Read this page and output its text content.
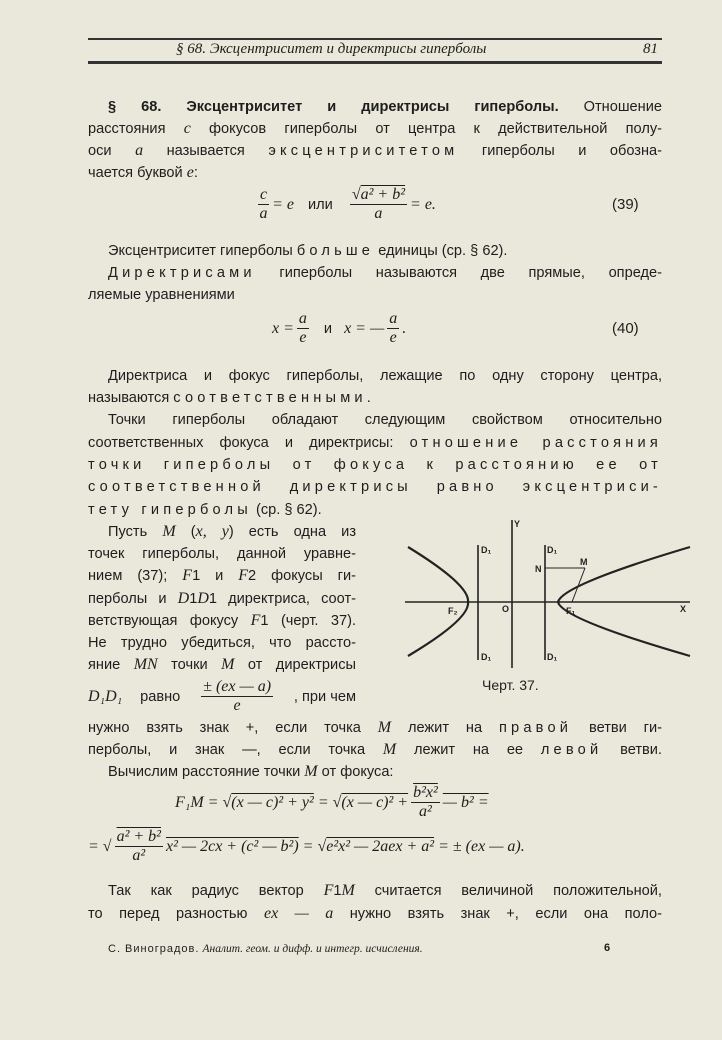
§ 68. Эксцентриситет и директрисы гиперболы	81
§ 68. Эксцентриситет и директрисы гиперболы. Отношение
расстояния c фокусов гиперболы от центра к действительной полу-
оси a называется эксцентриситетом гиперболы и обозна-
чается буквой e:
Эксцентриситет гиперболы больше единицы (ср. § 62).
Директрисами гиперболы называются две прямые, опреде-
ляемые уравнениями
Директриса и фокус гиперболы, лежащие по одну сторону центра,
называются соответственными.
Точки гиперболы обладают следующим свойством относительно
соответственных фокуса и директрисы: отношение расстояния
точки гиперболы от фокуса к расстоянию ее от
соответственной директрисы равно эксцентриси-
тету гиперболы (ср. § 62).
Пусть M (x, y) есть одна из
точек гиперболы, данной уравне-
нием (37); F1 и F2 фокусы ги-
перболы и D1D1 директриса, соот-
ветствующая фокусу F1 (черт. 37).
Не трудно убедиться, что рассто-
яние MN точки M от директрисы
нужно взять знак +, если точка M лежит на правой ветви ги-
перболы, и знак —, если точка M лежит на ее левой ветви.
Вычислим расстояние точки M от фокуса:
Так как радиус вектор F1M считается величиной положительной,
то перед разностью ex — a нужно взять знак +, если она поло-
$\frac{c}{a} = e$ или $\frac{\text{√a² + b²}}{a} = e$.	(39)
$x = \frac{a}{e}$ и x = —
a
e
.	(40)
D₁D₁ равно $\frac{\pm (ex — a)}{e}$ , при чем
F₁M = √ (x — c)² + y² = √ (x — $c)^2 + \frac{\text{b²x²}}{\text{a²}}$ — b² =
= √ $\frac{\text{a² + b²}}{\text{a²}} x^2$ — 2cx + (c² — b²) = √ e²x² — 2aex + a² = ± (ex — a).
Y
X
O
F₂	F₁
D₁
D₁
D₁
D₁
N
M
Черт. 37.
С. Виноградов. Аналит. геом. и дифф. и интегр. исчисления.	6
